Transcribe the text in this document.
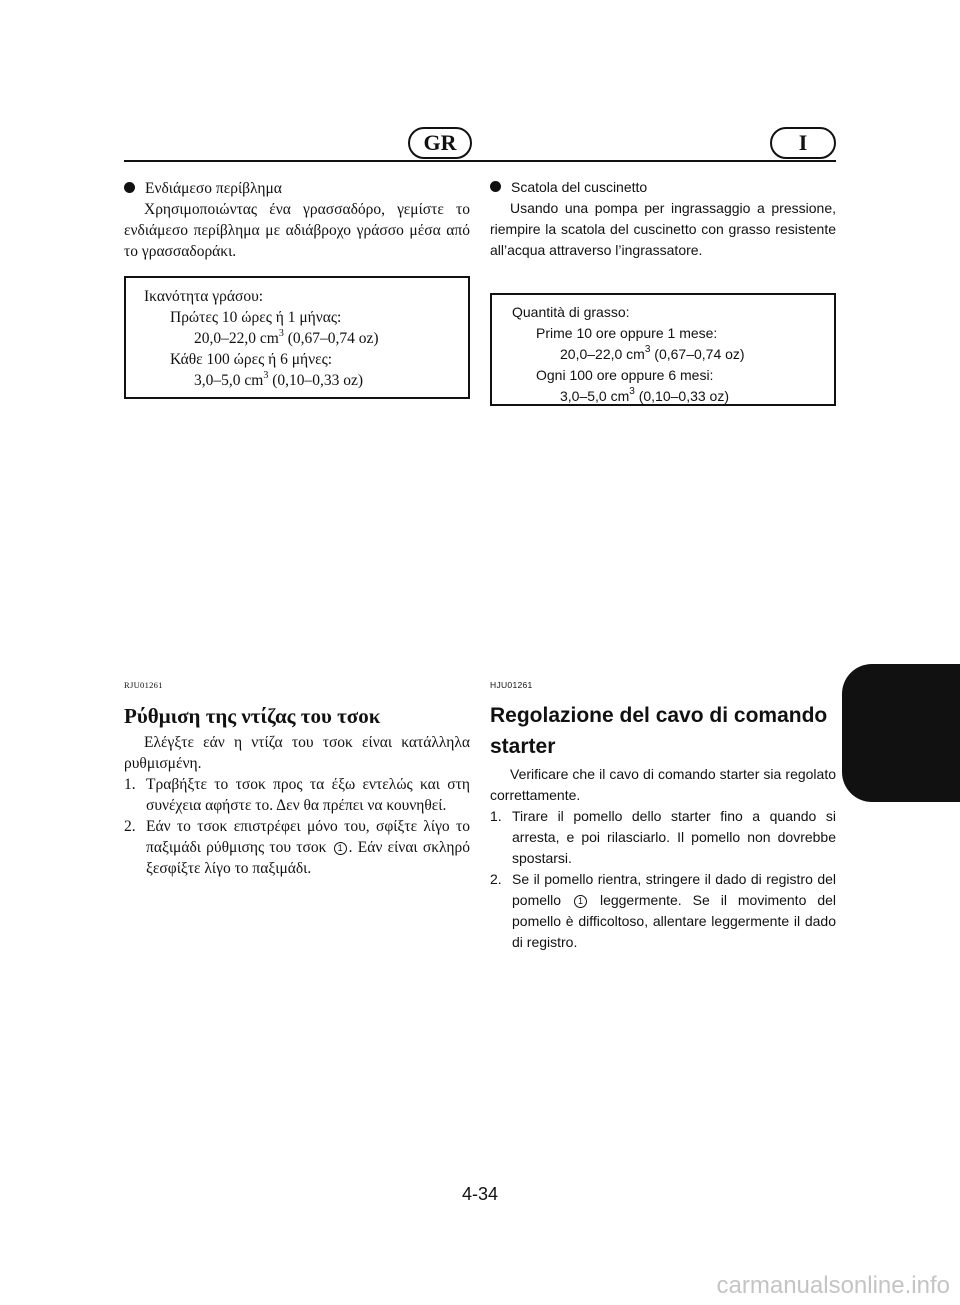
GR	I
Ενδιάμεσο περίβλημα

Χρησιμοποιώντας ένα γρασσαδόρο, γεμίστε το ενδιάμεσο περίβλημα με αδιάβροχο γράσσο μέσα από το γρασσαδοράκι.

Ικανότητα γράσου:
Πρώτες 10 ώρες ή 1 μήνας:
20,0–22,0 $cm^3$ (0,67–0,74 oz)
Κάθε 100 ώρες ή 6 μήνες:
3,0–5,0 $cm^3$ (0,10–0,33 oz)
Scatola del cuscinetto

Usando una pompa per ingrassaggio a pressione, riempire la scatola del cuscinetto con grasso resistente all’acqua attraverso l’ingrassatore.

Quantità di grasso:
Prime 10 ore oppure 1 mese:
20,0–22,0 $cm^3$ (0,67–0,74 oz)
Ogni 100 ore oppure 6 mesi:
3,0–5,0 $cm^3$ (0,10–0,33 oz)

RJU01261

Ρύθμιση της ντίζας του τσοκ

Ελέγξτε εάν η ντίζα του τσοκ είναι κατάλληλα ρυθμισμένη.

1. Τραβήξτε το τσοκ προς τα έξω εντελώς και στη συνέχεια αφήστε το. Δεν θα πρέπει να κουνηθεί.
2. Εάν το τσοκ επιστρέφει μόνο του, σφίξτε λίγο το παξιμάδι ρύθμισης του τσοκ 1 . Εάν είναι σκληρό ξεσφίξτε λίγο το παξιμάδι.

HJU01261

Regolazione del cavo di comando starter

Verificare che il cavo di comando starter sia regolato correttamente.

1. Tirare il pomello dello starter fino a quando si arresta, e poi rilasciarlo. Il pomello non dovrebbe spostarsi.
2. Se il pomello rientra, stringere il dado di registro del pomello 1 leggermente. Se il movimento del pomello è difficoltoso, allentare leggermente il dado di registro.
4-34
carmanualsonline.info
